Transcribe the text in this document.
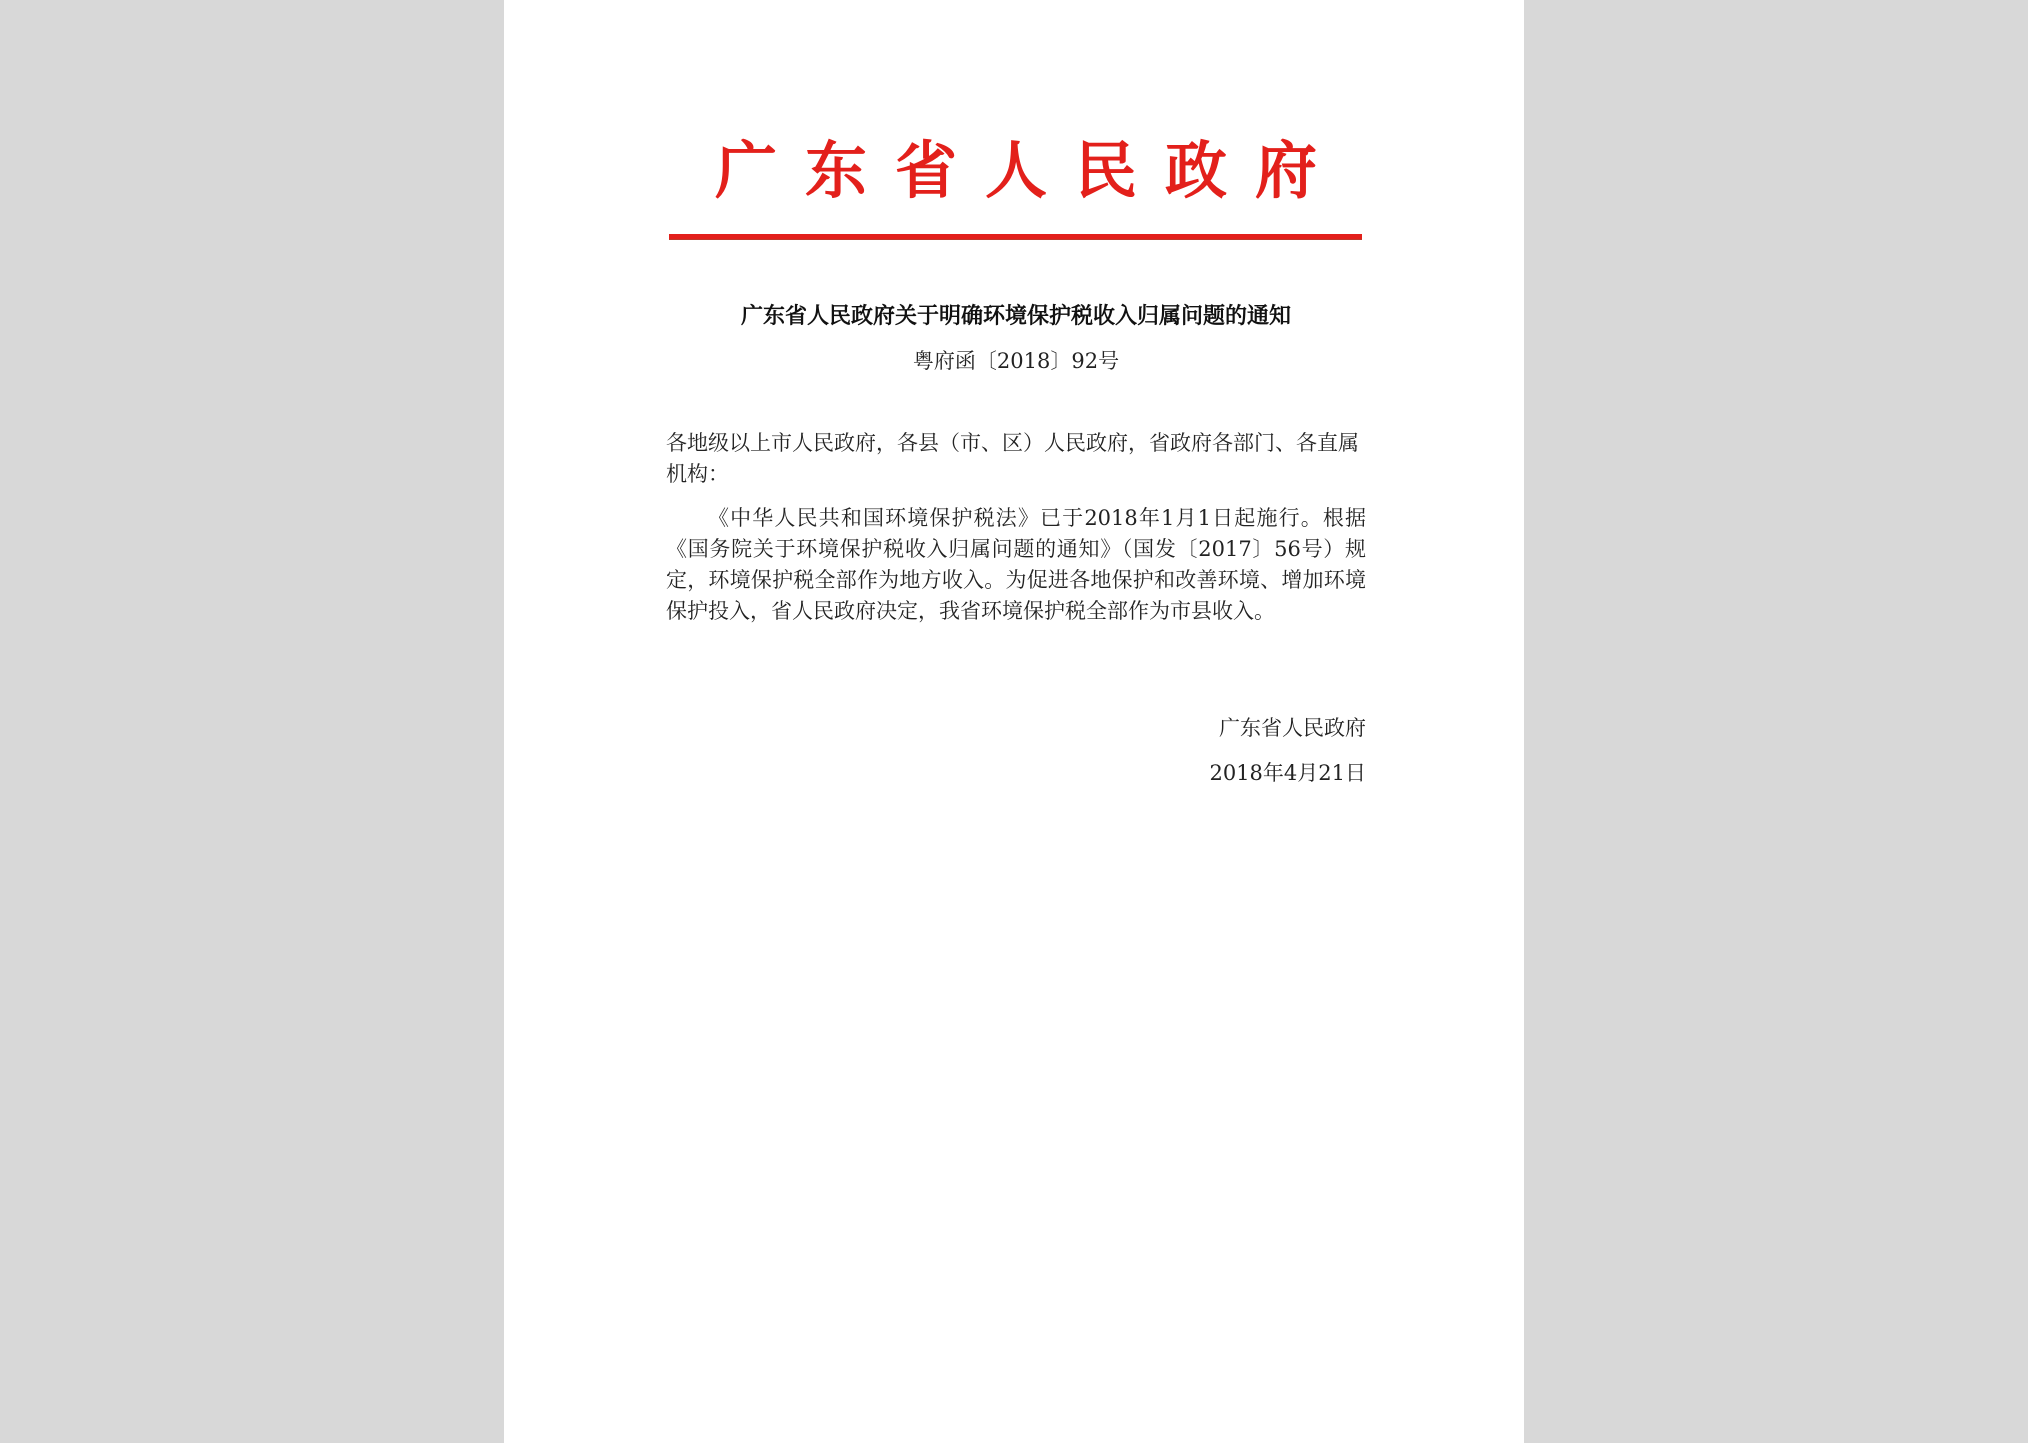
广东省人民政府
广东省人民政府关于明确环境保护税收入归属问题的通知
粤府函〔2018〕92号
各地级以上市人民政府，各县（市、区）人民政府，省政府各部门、各直属机构：
《中华人民共和国环境保护税法》已于2018年1月1日起施行。根据《国务院关于环境保护税收入归属问题的通知》（国发〔2017〕56号）规定，环境保护税全部作为地方收入。为促进各地保护和改善环境、增加环境保护投入，省人民政府决定，我省环境保护税全部作为市县收入。
广东省人民政府
2018年4月21日
